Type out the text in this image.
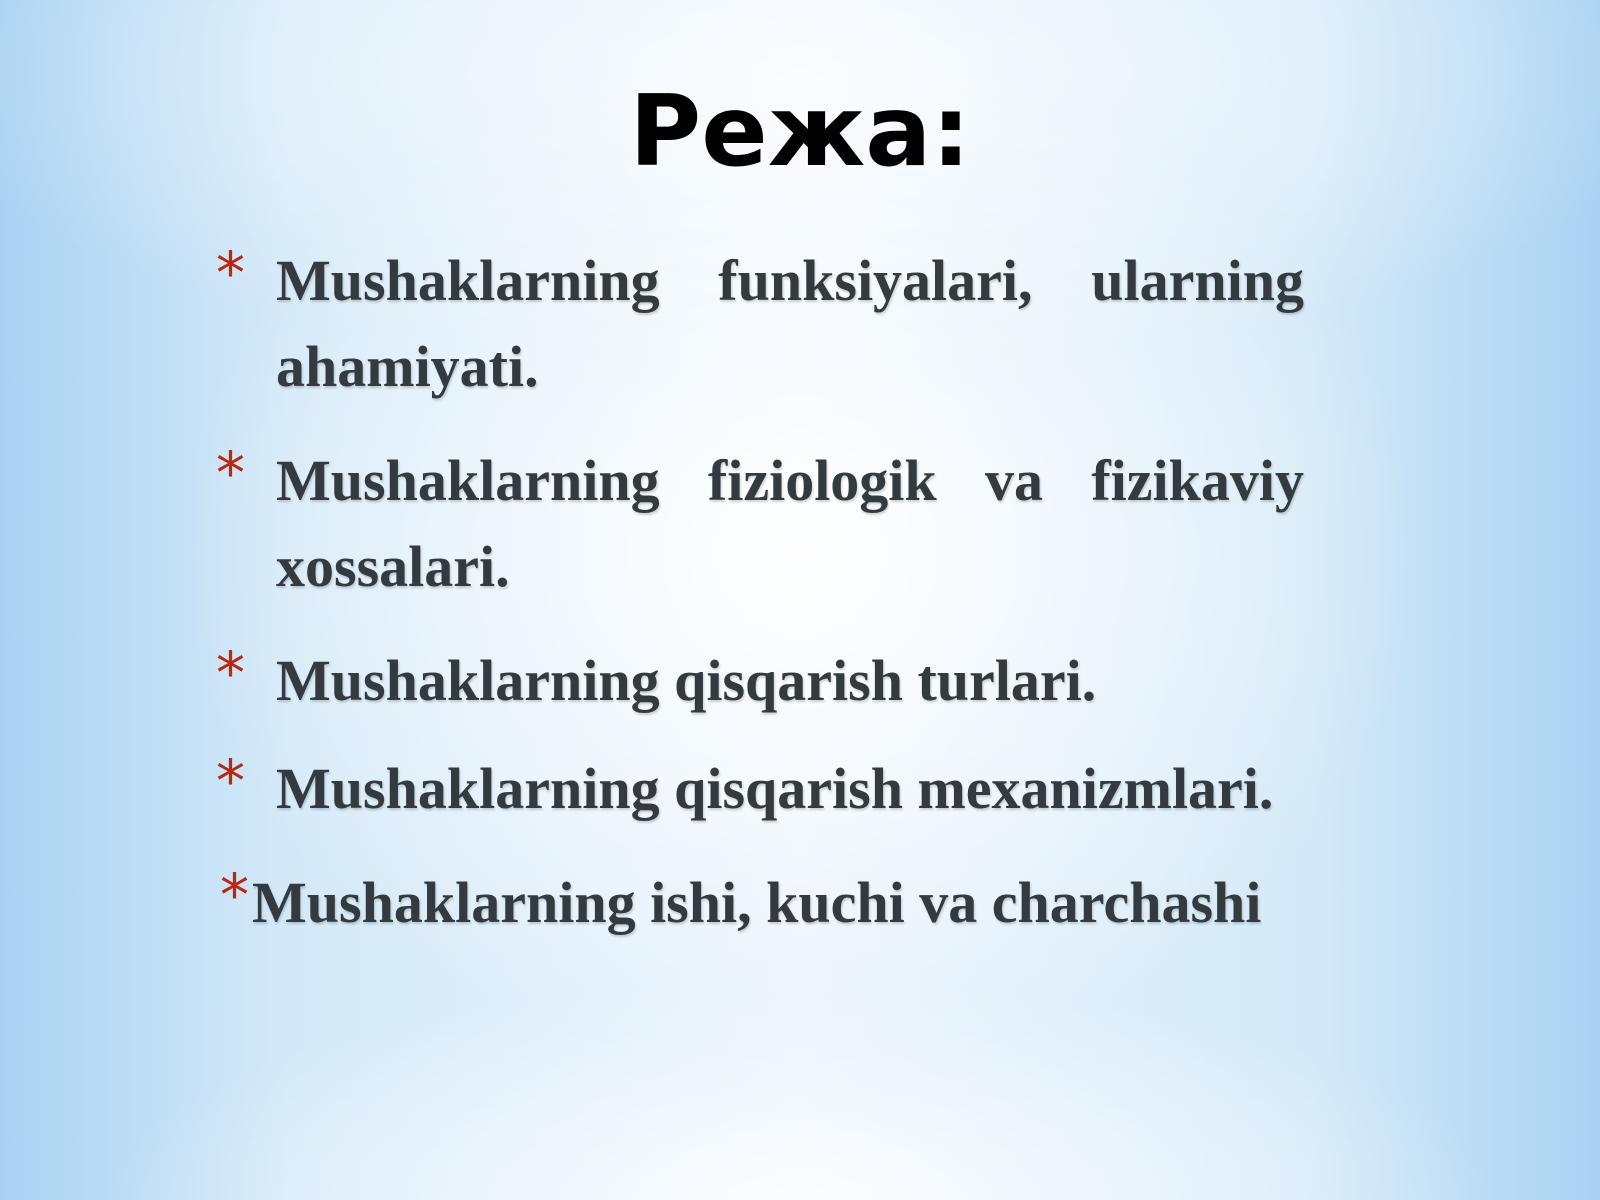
Режа:
* Mushaklarning funksiyalari, ularning ahamiyati.
* Mushaklarning fiziologik va fizikaviy xossalari.
* Mushaklarning qisqarish turlari.
* Mushaklarning qisqarish mexanizmlari.
* Mushaklarning ishi, kuchi va charchashi
